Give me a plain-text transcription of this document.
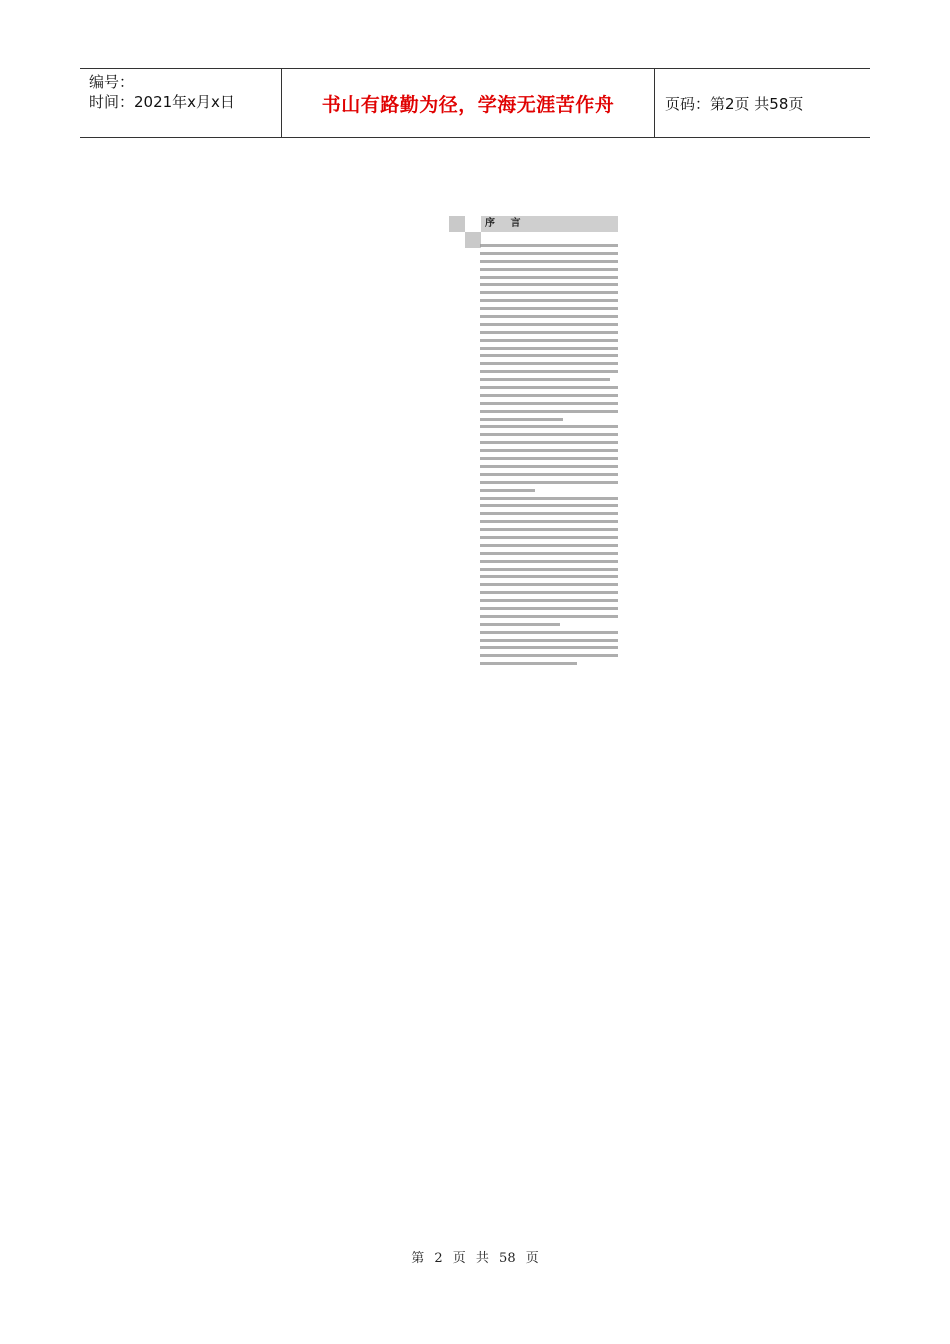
编号：
时间：2021年x月x日	书山有路勤为径，学海无涯苦作舟	页码：第2页 共58页
序 言
第 2 页 共 58 页
